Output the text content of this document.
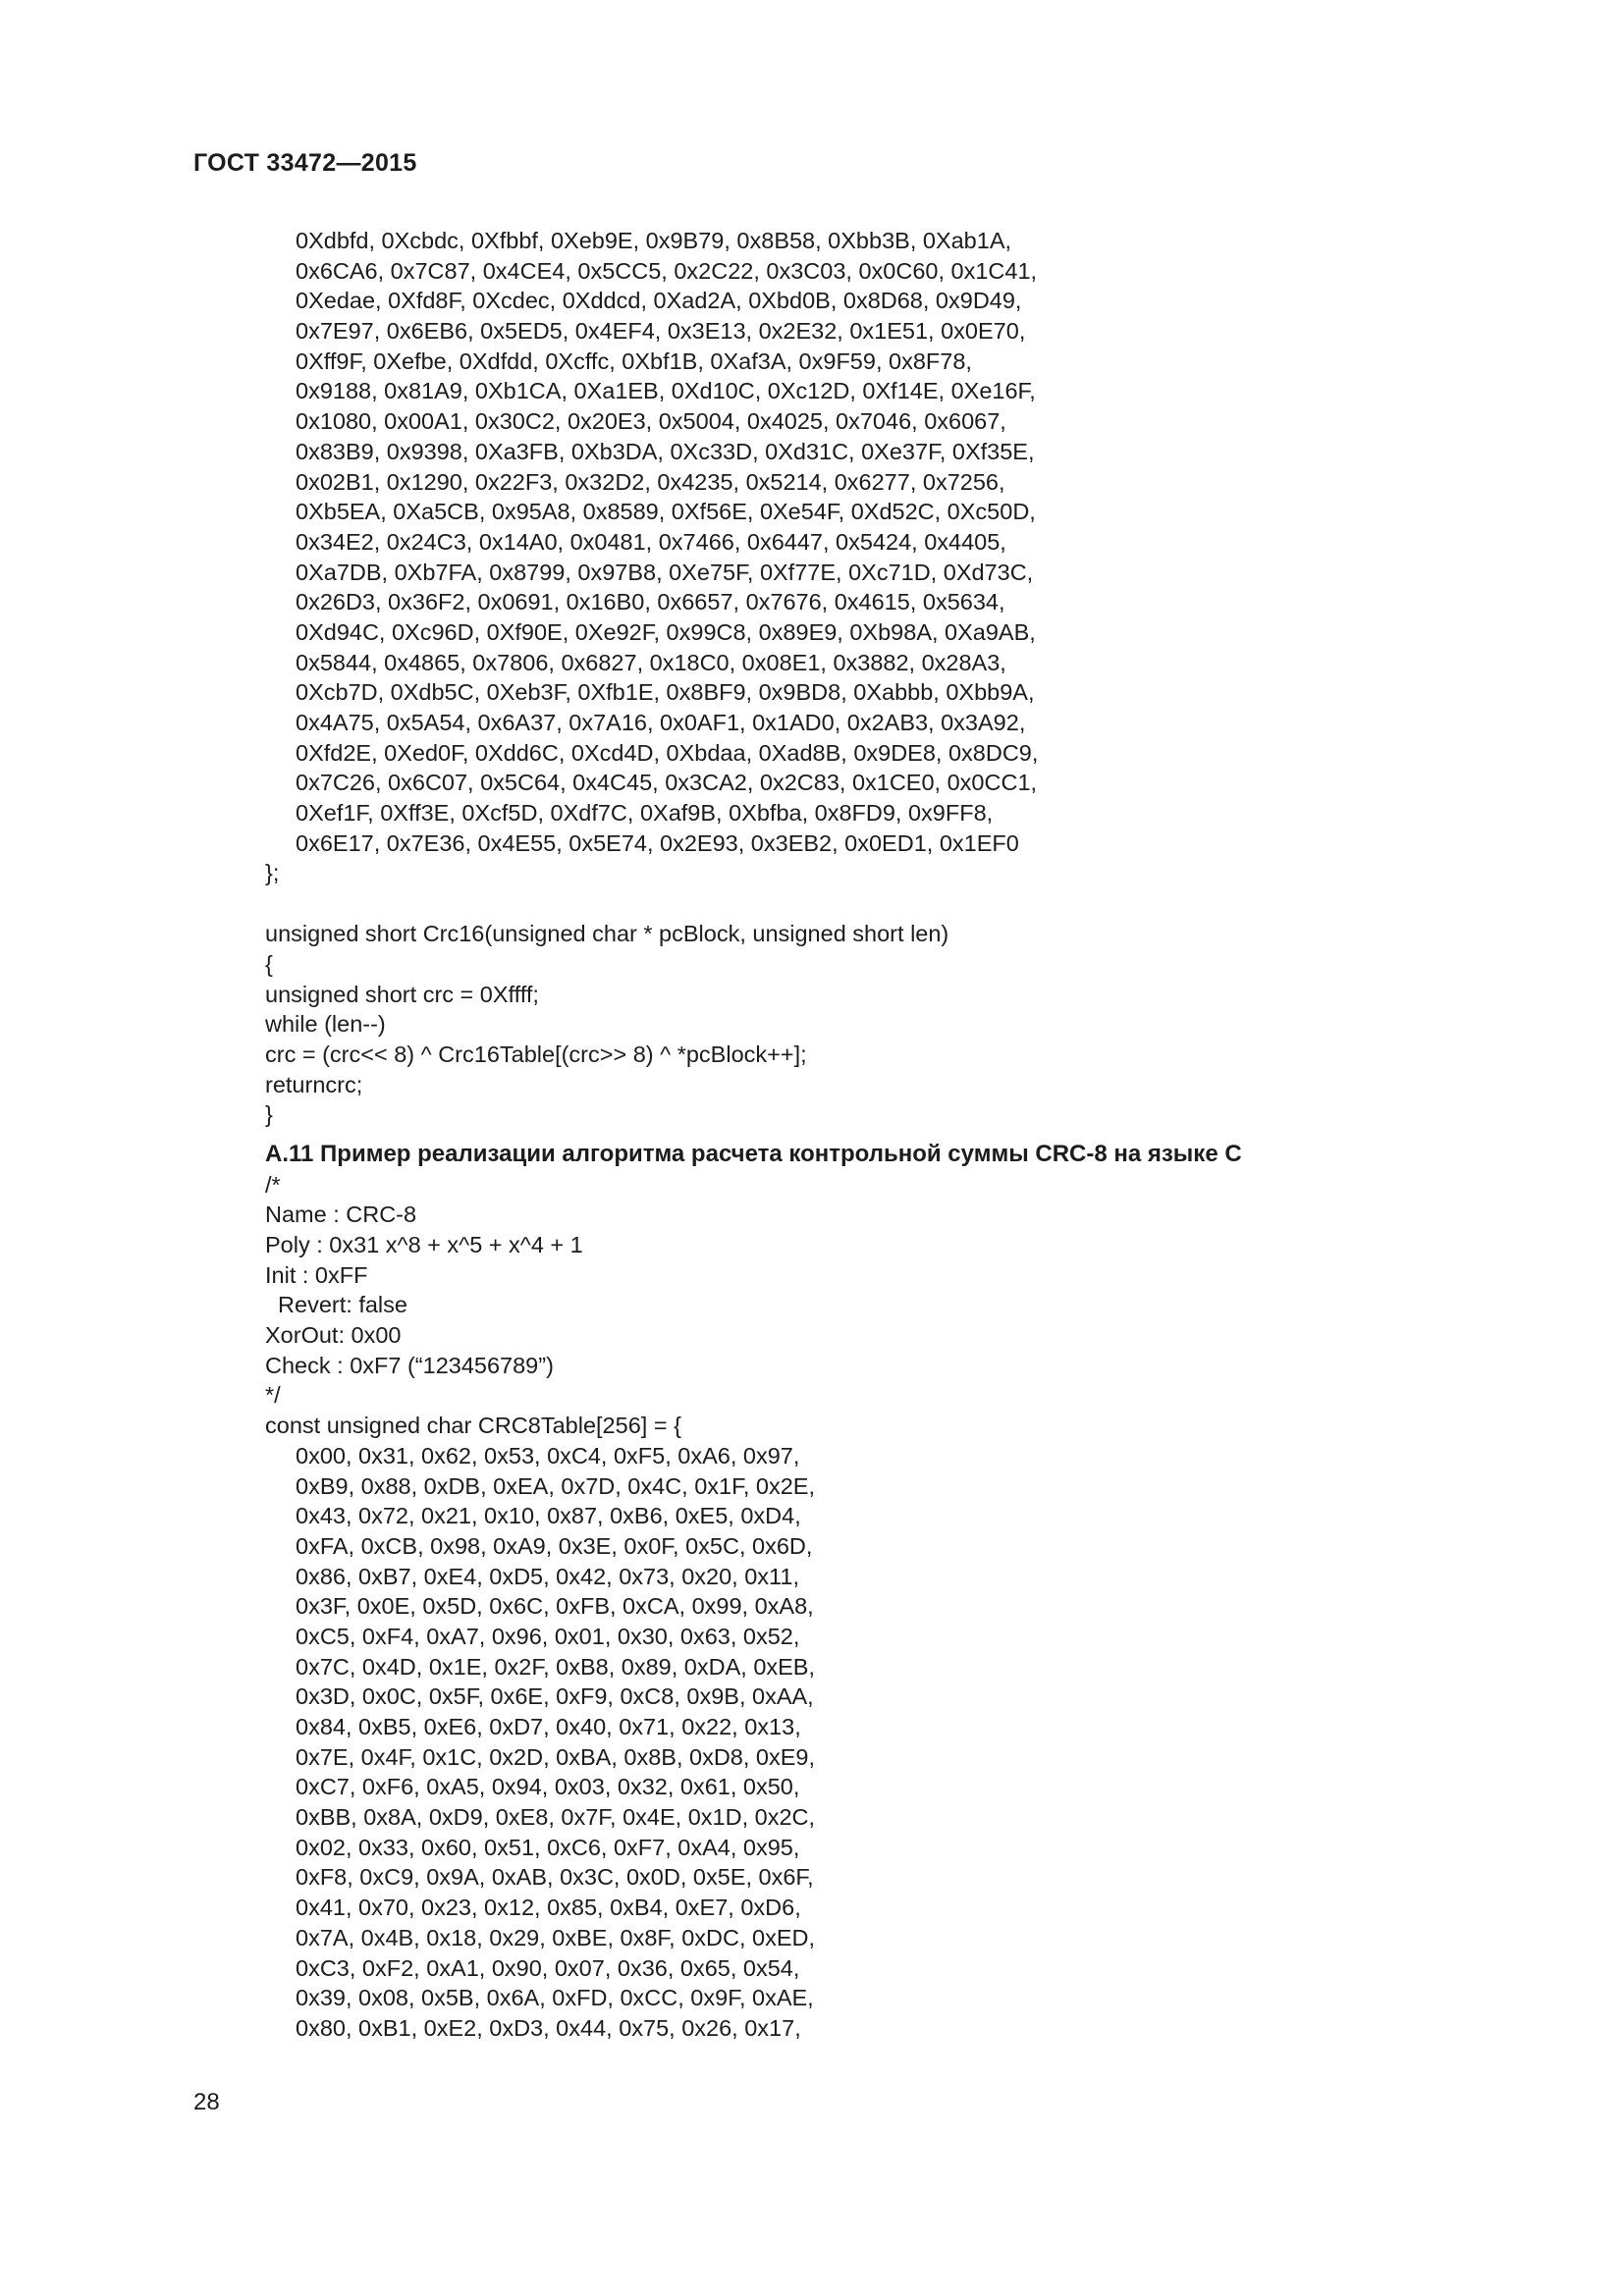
ГОСТ 33472—2015
0Xdbfd, 0Xcbdc, 0Xfbbf, 0Xeb9E, 0x9B79, 0x8B58, 0Xbb3B, 0Xab1A,
0x6CA6, 0x7C87, 0x4CE4, 0x5CC5, 0x2C22, 0x3C03, 0x0C60, 0x1C41,
0Xedae, 0Xfd8F, 0Xcdec, 0Xddcd, 0Xad2A, 0Xbd0B, 0x8D68, 0x9D49,
0x7E97, 0x6EB6, 0x5ED5, 0x4EF4, 0x3E13, 0x2E32, 0x1E51, 0x0E70,
0Xff9F, 0Xefbe, 0Xdfdd, 0Xcffc, 0Xbf1B, 0Xaf3A, 0x9F59, 0x8F78,
0x9188, 0x81A9, 0Xb1CA, 0Xa1EB, 0Xd10C, 0Xc12D, 0Xf14E, 0Xe16F,
0x1080, 0x00A1, 0x30C2, 0x20E3, 0x5004, 0x4025, 0x7046, 0x6067,
0x83B9, 0x9398, 0Xa3FB, 0Xb3DA, 0Xc33D, 0Xd31C, 0Xe37F, 0Xf35E,
0x02B1, 0x1290, 0x22F3, 0x32D2, 0x4235, 0x5214, 0x6277, 0x7256,
0Xb5EA, 0Xa5CB, 0x95A8, 0x8589, 0Xf56E, 0Xe54F, 0Xd52C, 0Xc50D,
0x34E2, 0x24C3, 0x14A0, 0x0481, 0x7466, 0x6447, 0x5424, 0x4405,
0Xa7DB, 0Xb7FA, 0x8799, 0x97B8, 0Xe75F, 0Xf77E, 0Xc71D, 0Xd73C,
0x26D3, 0x36F2, 0x0691, 0x16B0, 0x6657, 0x7676, 0x4615, 0x5634,
0Xd94C, 0Xc96D, 0Xf90E, 0Xe92F, 0x99C8, 0x89E9, 0Xb98A, 0Xa9AB,
0x5844, 0x4865, 0x7806, 0x6827, 0x18C0, 0x08E1, 0x3882, 0x28A3,
0Xcb7D, 0Xdb5C, 0Xeb3F, 0Xfb1E, 0x8BF9, 0x9BD8, 0Xabbb, 0Xbb9A,
0x4A75, 0x5A54, 0x6A37, 0x7A16, 0x0AF1, 0x1AD0, 0x2AB3, 0x3A92,
0Xfd2E, 0Xed0F, 0Xdd6C, 0Xcd4D, 0Xbdaa, 0Xad8B, 0x9DE8, 0x8DC9,
0x7C26, 0x6C07, 0x5C64, 0x4C45, 0x3CA2, 0x2C83, 0x1CE0, 0x0CC1,
0Xef1F, 0Xff3E, 0Xcf5D, 0Xdf7C, 0Xaf9B, 0Xbfba, 0x8FD9, 0x9FF8,
0x6E17, 0x7E36, 0x4E55, 0x5E74, 0x2E93, 0x3EB2, 0x0ED1, 0x1EF0
};
unsigned short Crc16(unsigned char * pcBlock, unsigned short len)
{
unsigned short crc = 0Xffff;
while (len--)
crc = (crc<< 8) ^ Crc16Table[(crc>> 8) ^ *pcBlock++];
returncrc;
}
А.11 Пример реализации алгоритма расчета контрольной суммы CRC-8 на языке С
/*
Name : CRC-8
Poly : 0x31 x^8 + x^5 + x^4 + 1
Init : 0xFF
Revert: false
XorOut: 0x00
Check : 0xF7 (“123456789”)
*/
const unsigned char CRC8Table[256] = {
0x00, 0x31, 0x62, 0x53, 0xC4, 0xF5, 0xA6, 0x97,
0xB9, 0x88, 0xDB, 0xEA, 0x7D, 0x4C, 0x1F, 0x2E,
0x43, 0x72, 0x21, 0x10, 0x87, 0xB6, 0xE5, 0xD4,
0xFA, 0xCB, 0x98, 0xA9, 0x3E, 0x0F, 0x5C, 0x6D,
0x86, 0xB7, 0xE4, 0xD5, 0x42, 0x73, 0x20, 0x11,
0x3F, 0x0E, 0x5D, 0x6C, 0xFB, 0xCA, 0x99, 0xA8,
0xC5, 0xF4, 0xA7, 0x96, 0x01, 0x30, 0x63, 0x52,
0x7C, 0x4D, 0x1E, 0x2F, 0xB8, 0x89, 0xDA, 0xEB,
0x3D, 0x0C, 0x5F, 0x6E, 0xF9, 0xC8, 0x9B, 0xAA,
0x84, 0xB5, 0xE6, 0xD7, 0x40, 0x71, 0x22, 0x13,
0x7E, 0x4F, 0x1C, 0x2D, 0xBA, 0x8B, 0xD8, 0xE9,
0xC7, 0xF6, 0xA5, 0x94, 0x03, 0x32, 0x61, 0x50,
0xBB, 0x8A, 0xD9, 0xE8, 0x7F, 0x4E, 0x1D, 0x2C,
0x02, 0x33, 0x60, 0x51, 0xC6, 0xF7, 0xA4, 0x95,
0xF8, 0xC9, 0x9A, 0xAB, 0x3C, 0x0D, 0x5E, 0x6F,
0x41, 0x70, 0x23, 0x12, 0x85, 0xB4, 0xE7, 0xD6,
0x7A, 0x4B, 0x18, 0x29, 0xBE, 0x8F, 0xDC, 0xED,
0xC3, 0xF2, 0xA1, 0x90, 0x07, 0x36, 0x65, 0x54,
0x39, 0x08, 0x5B, 0x6A, 0xFD, 0xCC, 0x9F, 0xAE,
0x80, 0xB1, 0xE2, 0xD3, 0x44, 0x75, 0x26, 0x17,
28
